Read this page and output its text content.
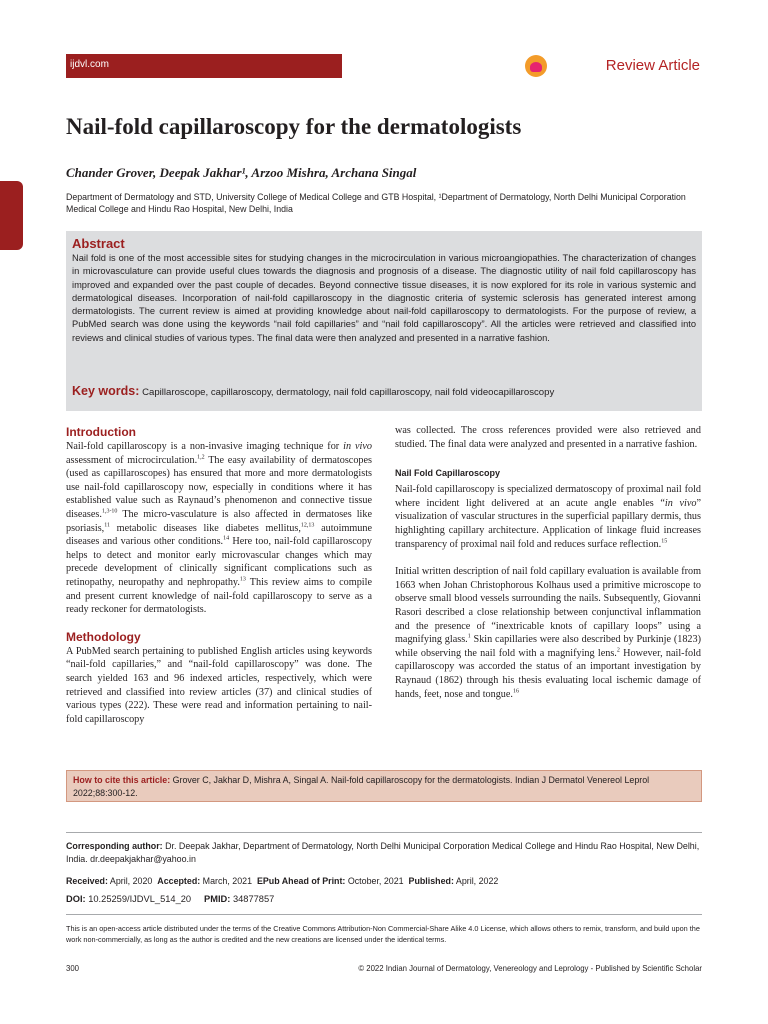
ijdvl.com	Review Article
Nail-fold capillaroscopy for the dermatologists
Chander Grover, Deepak Jakhar¹, Arzoo Mishra, Archana Singal
Department of Dermatology and STD, University College of Medical College and GTB Hospital, ¹Department of Dermatology, North Delhi Municipal Corporation Medical College and Hindu Rao Hospital, New Delhi, India
Abstract
Nail fold is one of the most accessible sites for studying changes in the microcirculation in various microangiopathies. The characterization of changes in microvasculature can provide useful clues towards the diagnosis and prognosis of a disease. The diagnostic utility of nail fold capillaroscopy has improved and expanded over the past couple of decades. Beyond connective tissue diseases, it is now explored for its role in various systemic and dermatological diseases. Incorporation of nail-fold capillaroscopy in the diagnostic criteria of systemic sclerosis has generated interest among dermatologists. The current review is aimed at providing knowledge about nail-fold capillaroscopy to dermatologists. For the purpose of review, a PubMed search was done using the keywords “nail fold capillaries” and “nail fold capillaroscopy”. All the articles were retrieved and classified into reviews and clinical studies of various types. The final data were then analyzed and presented in a narrative fashion.
Key words: Capillaroscope, capillaroscopy, dermatology, nail fold capillaroscopy, nail fold videocapillaroscopy
Introduction

Nail-fold capillaroscopy is a non-invasive imaging technique for in vivo assessment of microcirculation.$^{1,2}$ The easy availability of dermatoscopes (used as capillaroscopes) has ensured that more and more dermatologists use nail-fold capillaroscopy now, especially in conditions where it has established value such as Raynaud’s phenomenon and connective tissue diseases.$^{1,3-10}$ The micro-vasculature is also affected in dermatoses like psoriasis,$^{11}$ metabolic diseases like diabetes mellitus,$^{12,13}$ autoimmune diseases and various other conditions.$^{14}$ Here too, nail-fold capillaroscopy helps to detect and monitor early microvascular changes which may precede development of clinically significant complications such as retinopathy, neuropathy and nephropathy.$^{13}$ This review aims to compile and present current knowledge of nail-fold capillaroscopy to serve as a ready reckoner for dermatologists.

Methodology

A PubMed search pertaining to published English articles using keywords “nail-fold capillaries,” and “nail-fold capillaroscopy” was done. The search yielded 163 and 96 indexed articles, respectively, which were retrieved and classified into review articles (37) and clinical studies of various types (222). These were read and information pertaining to nail-fold capillaroscopy

was collected. The cross references provided were also retrieved and studied. The final data were analyzed and presented in a narrative fashion.

Nail Fold Capillaroscopy

Nail-fold capillaroscopy is specialized dermatoscopy of proximal nail fold where incident light delivered at an acute angle enables “in vivo” visualization of vascular structures in the superficial papillary dermis, thus highlighting capillary architecture. Application of linkage fluid increases transparency of proximal nail fold and reduces surface reflection.$^{15}$

Initial written description of nail fold capillary evaluation is available from 1663 when Johan Christophorous Kolhaus used a primitive microscope to observe small blood vessels surrounding the nails. Subsequently, Giovanni Rasori described a close relationship between conjunctival inflammation and the presence of “inextricable knots of capillary loops” using a magnifying glass.$^1$ Skin capillaries were also described by Purkinje (1823) while observing the nail fold with a magnifying lens.$^2$ However, nail-fold capillaroscopy was accorded the status of an important investigation by Raynaud (1862) through his thesis evaluating local ischemic damage of hands, feet, nose and tongue.$^{16}$

How to cite this article: Grover C, Jakhar D, Mishra A, Singal A. Nail-fold capillaroscopy for the dermatologists. Indian J Dermatol Venereol Leprol 2022;88:300-12.
Corresponding author: Dr. Deepak Jakhar, Department of Dermatology, North Delhi Municipal Corporation Medical College and Hindu Rao Hospital, New Delhi, India. dr.deepakjakhar@yahoo.in
Received: April, 2020 Accepted: March, 2021 EPub Ahead of Print: October, 2021 Published: April, 2022
DOI: 10.25259/IJDVL_514_20 PMID: 34877857
This is an open-access article distributed under the terms of the Creative Commons Attribution-Non Commercial-Share Alike 4.0 License, which allows others to remix, transform, and build upon the work non-commercially, as long as the author is credited and the new creations are licensed under the identical terms.
300	© 2022 Indian Journal of Dermatology, Venereology and Leprology - Published by Scientific Scholar
